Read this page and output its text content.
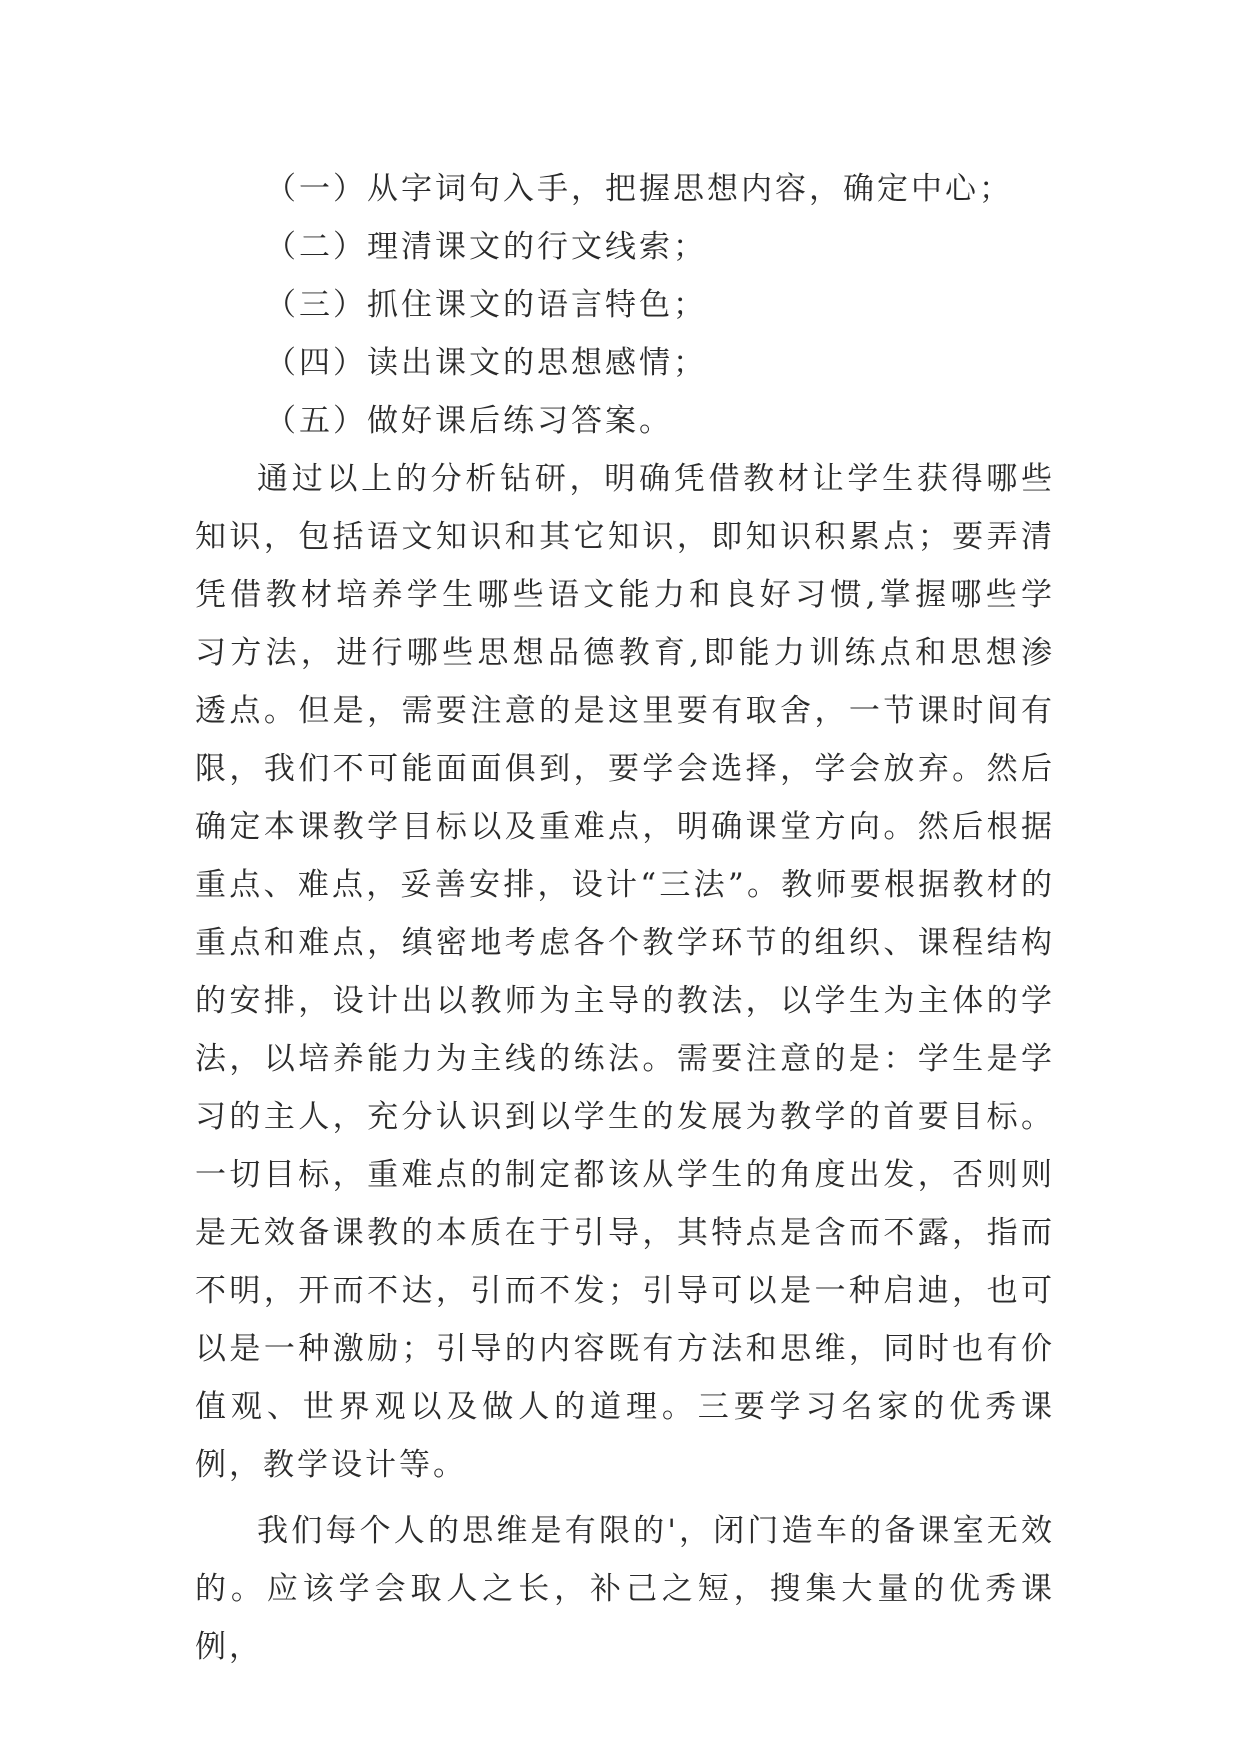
（一）从字词句入手，把握思想内容，确定中心；

（二）理清课文的行文线索；

（三）抓住课文的语言特色；

（四）读出课文的思想感情；

（五）做好课后练习答案。

通过以上的分析钻研，明确凭借教材让学生获得哪些知识，包括语文知识和其它知识，即知识积累点；要弄清凭借教材培养学生哪些语文能力和良好习惯,掌握哪些学习方法，进行哪些思想品德教育,即能力训练点和思想渗透点。但是，需要注意的是这里要有取舍，一节课时间有限，我们不可能面面俱到，要学会选择，学会放弃。然后确定本课教学目标以及重难点，明确课堂方向。然后根据重点、难点，妥善安排，设计“三法”。教师要根据教材的重点和难点，缜密地考虑各个教学环节的组织、课程结构的安排，设计出以教师为主导的教法，以学生为主体的学法，以培养能力为主线的练法。需要注意的是：学生是学习的主人，充分认识到以学生的发展为教学的首要目标。一切目标，重难点的制定都该从学生的角度出发，否则则是无效备课教的本质在于引导，其特点是含而不露，指而不明，开而不达，引而不发；引导可以是一种启迪，也可以是一种激励；引导的内容既有方法和思维，同时也有价值观、世界观以及做人的道理。三要学习名家的优秀课例，教学设计等。

我们每个人的思维是有限的'，闭门造车的备课室无效的。应该学会取人之长，补己之短，搜集大量的优秀课例，
